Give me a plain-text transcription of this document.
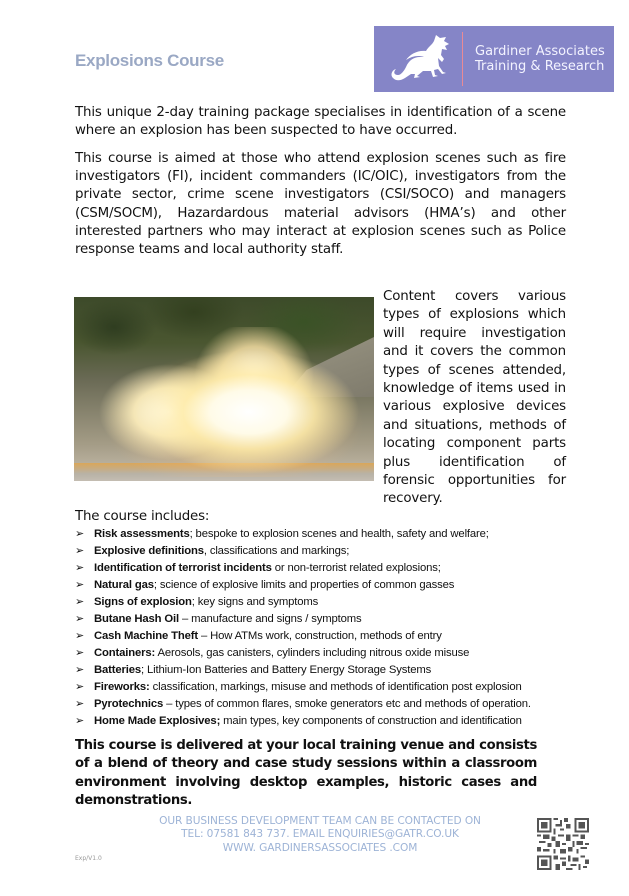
Explosions Course	Gardiner Associates
Training & Research
This unique 2-day training package specialises in identification of a scene where an explosion has been suspected to have occurred.
This course is aimed at those who attend explosion scenes such as fire investigators (FI), incident commanders (IC/OIC), investigators from the private sector, crime scene investigators (CSI/SOCO) and managers (CSM/SOCM), Hazardardous material advisors (HMA’s) and other interested partners who may interact at explosion scenes such as Police response teams and local authority staff.
Content covers various types of explosions which will require investigation and it covers the common types of scenes attended, knowledge of items used in various explosive devices and situations, methods of locating component parts plus identification of forensic opportunities for recovery.
The course includes:
➢ Risk assessments; bespoke to explosion scenes and health, safety and welfare;
➢ Explosive definitions, classifications and markings;
➢ Identification of terrorist incidents or non-terrorist related explosions;
➢ Natural gas; science of explosive limits and properties of common gasses
➢ Signs of explosion; key signs and symptoms
➢ Butane Hash Oil – manufacture and signs / symptoms
➢ Cash Machine Theft – How ATMs work, construction, methods of entry
➢ Containers: Aerosols, gas canisters, cylinders including nitrous oxide misuse
➢ Batteries; Lithium-Ion Batteries and Battery Energy Storage Systems
➢ Fireworks: classification, markings, misuse and methods of identification post explosion
➢ Pyrotechnics – types of common flares, smoke generators etc and methods of operation.
➢ Home Made Explosives; main types, key components of construction and identification
This course is delivered at your local training venue and consists of a blend of theory and case study sessions within a classroom environment involving desktop examples, historic cases and demonstrations.
OUR BUSINESS DEVELOPMENT TEAM CAN BE CONTACTED ON
TEL: 07581 843 737. EMAIL ENQUIRIES@GATR.CO.UK
WWW. GARDINERSASSOCIATES .COM
Exp/V1.0
